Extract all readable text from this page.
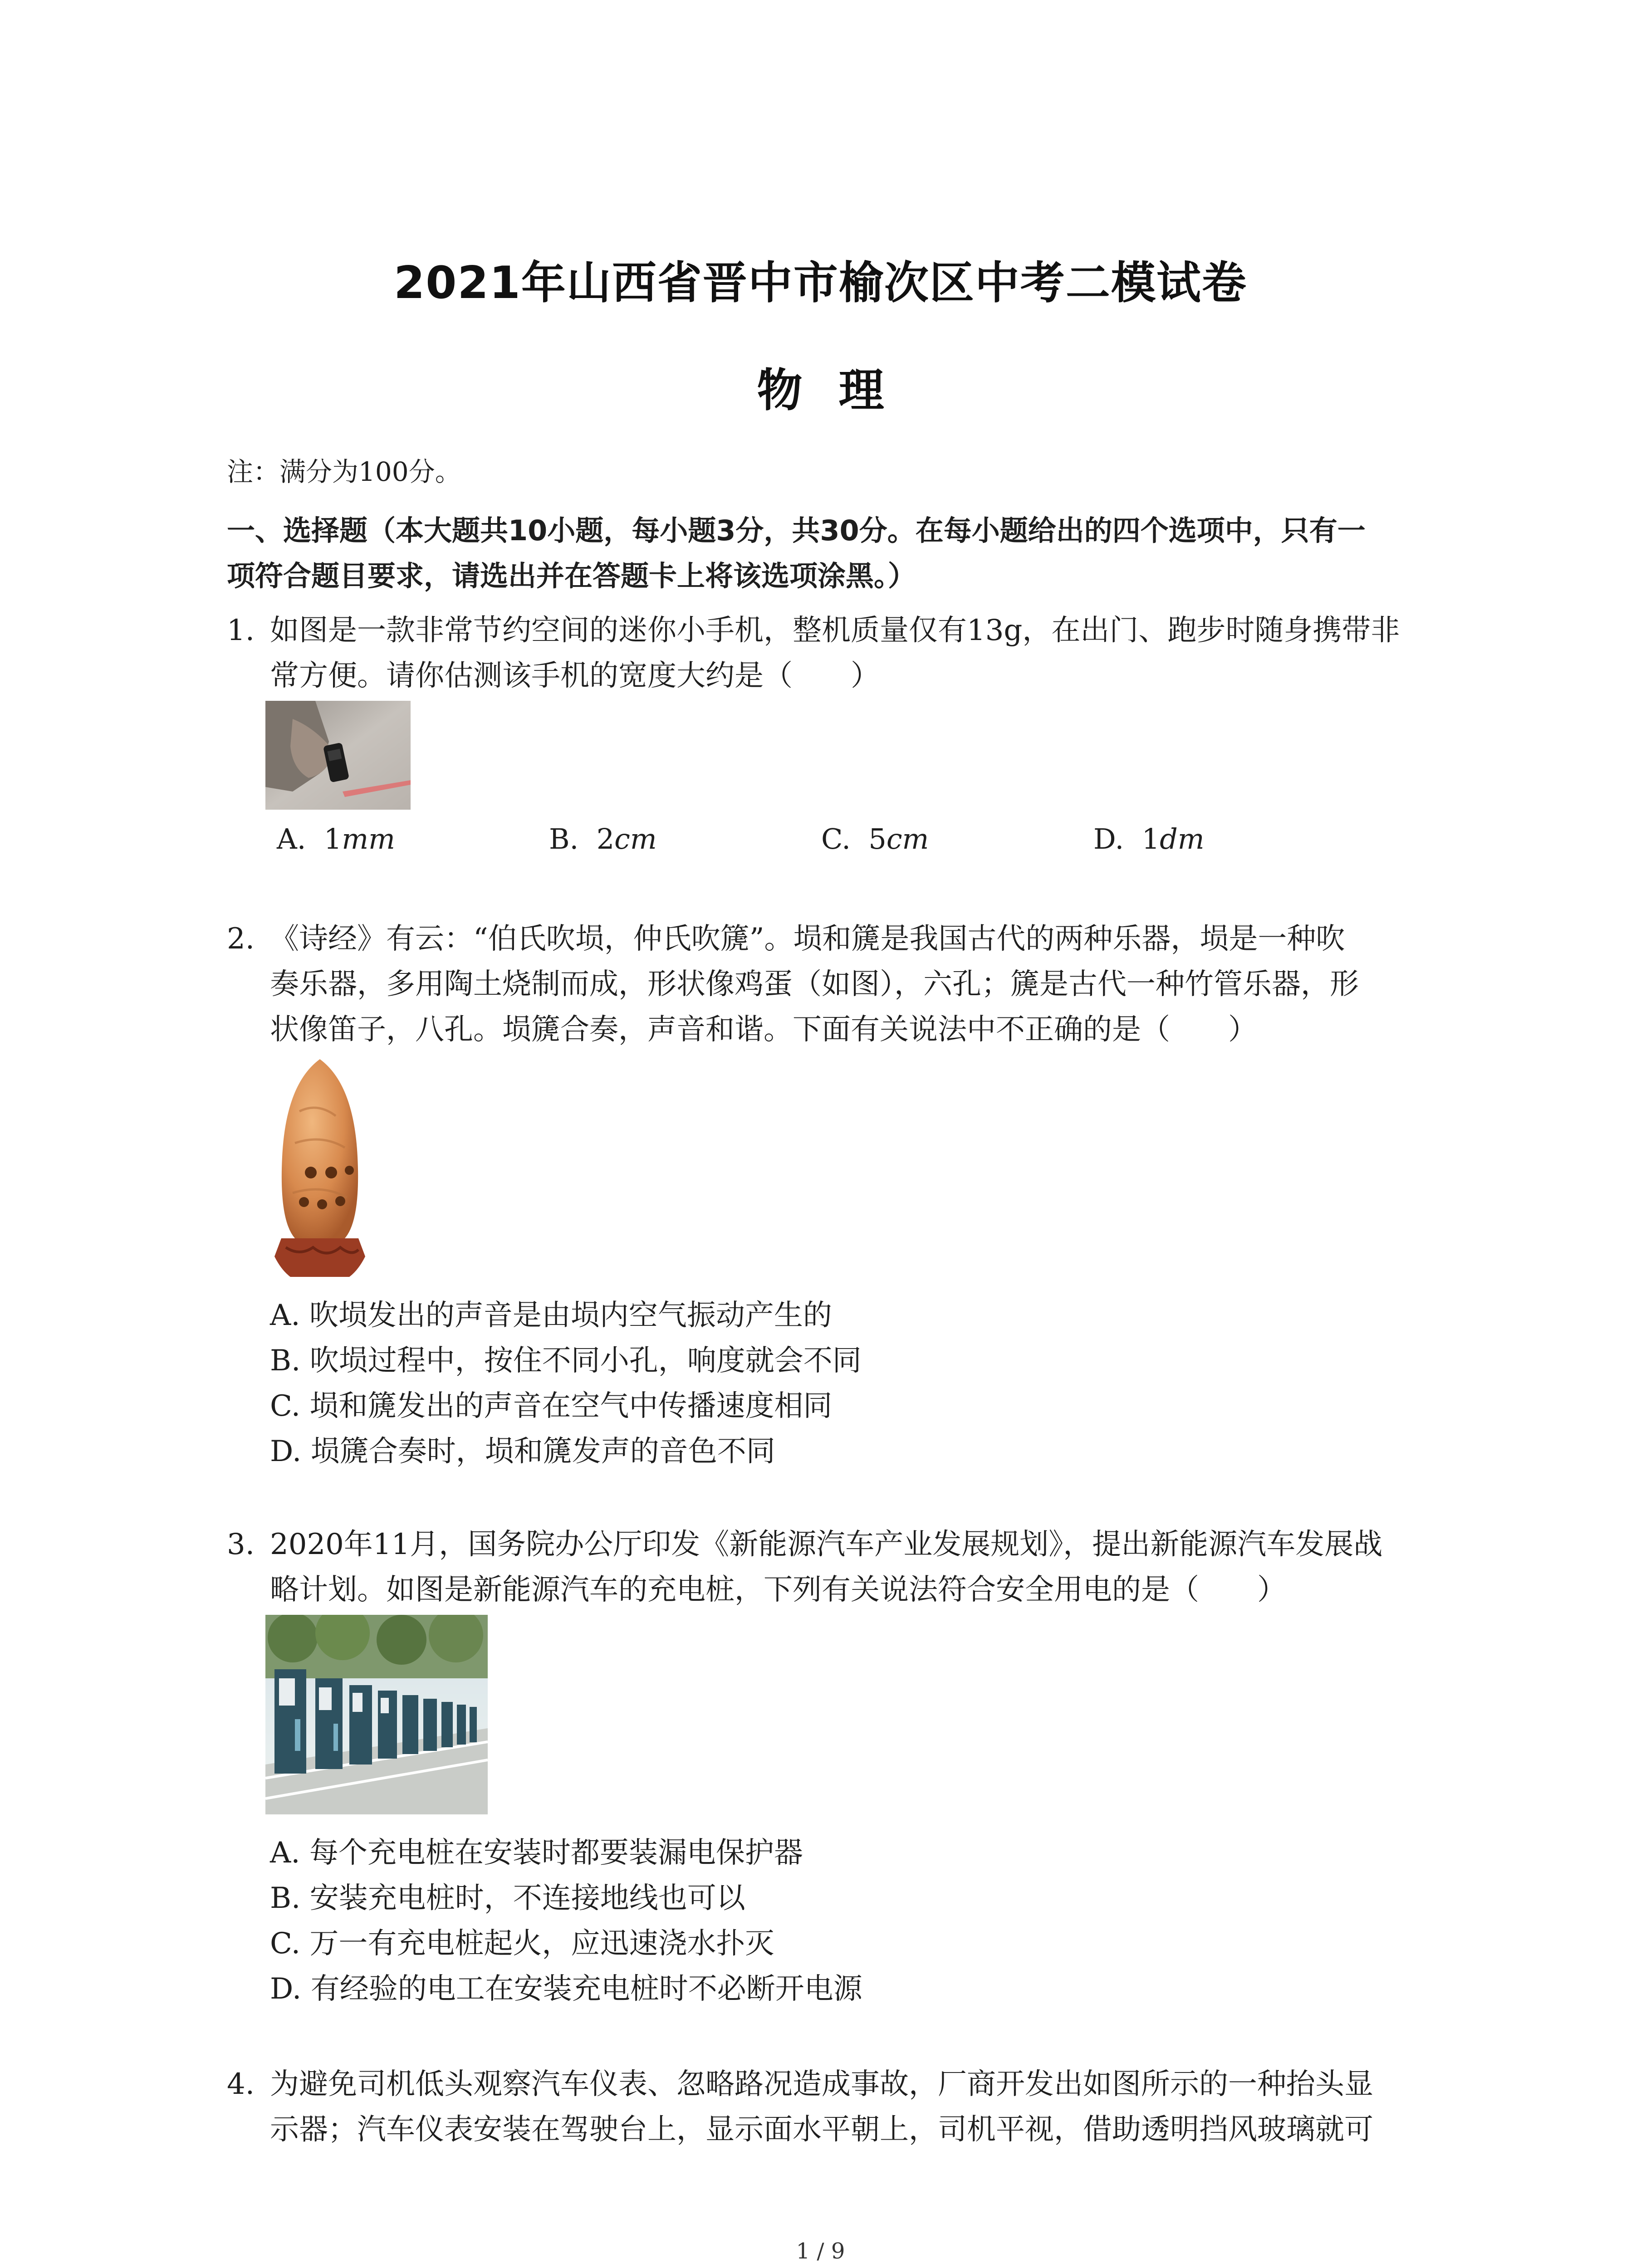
2021年山西省晋中市榆次区中考二模试卷
物理
注：满分为100分。
一、选择题（本大题共10小题，每小题3分，共30分。在每小题给出的四个选项中，只有一
项符合题目要求，请选出并在答题卡上将该选项涂黑。）
1. 如图是一款非常节约空间的迷你小手机，整机质量仅有13g，在出门、跑步时随身携带非
常方便。请你估测该手机的宽度大约是（　　）
A. 1mm	B. 2cm	C. 5cm	D. 1dm
2. 《诗经》有云：“伯氏吹埙，仲氏吹篪”。埙和篪是我国古代的两种乐器，埙是一种吹
奏乐器，多用陶土烧制而成，形状像鸡蛋（如图），六孔；篪是古代一种竹管乐器，形
状像笛子，八孔。埙篪合奏，声音和谐。下面有关说法中不正确的是（　　）
A. 吹埙发出的声音是由埙内空气振动产生的
B. 吹埙过程中，按住不同小孔，响度就会不同
C. 埙和篪发出的声音在空气中传播速度相同
D. 埙篪合奏时，埙和篪发声的音色不同
3. 2020年11月，国务院办公厅印发《新能源汽车产业发展规划》，提出新能源汽车发展战
略计划。如图是新能源汽车的充电桩，下列有关说法符合安全用电的是（　　）
A. 每个充电桩在安装时都要装漏电保护器
B. 安装充电桩时，不连接地线也可以
C. 万一有充电桩起火，应迅速浇水扑灭
D. 有经验的电工在安装充电桩时不必断开电源
4. 为避免司机低头观察汽车仪表、忽略路况造成事故，厂商开发出如图所示的一种抬头显
示器；汽车仪表安装在驾驶台上，显示面水平朝上，司机平视，借助透明挡风玻璃就可
1 / 9
